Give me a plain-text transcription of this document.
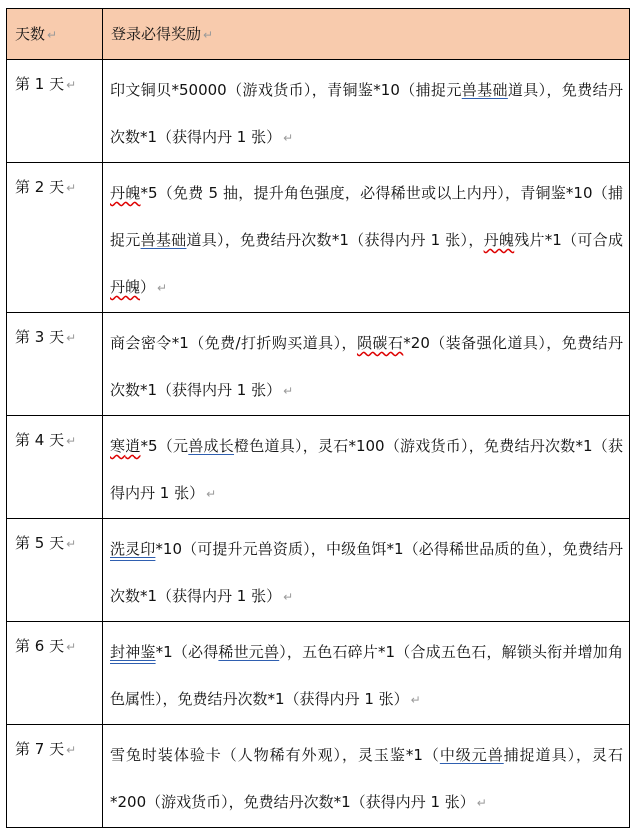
天数 ↵	登录必得奖励 ↵

第 1 天 ↵	印文铜贝*50000（游戏货币），青铜鉴*10（捕捉元兽基础道具），免费结丹次数*1（获得内丹 1 张） ↵

第 2 天 ↵	丹魄*5（免费 5 抽，提升角色强度，必得稀世或以上内丹），青铜鉴*10（捕捉元兽基础道具），免费结丹次数*1（获得内丹 1 张），丹魄残片*1（可合成丹魄） ↵

第 3 天 ↵	商会密令*1（免费/打折购买道具），陨碳石*20（装备强化道具），免费结丹次数*1（获得内丹 1 张） ↵

第 4 天 ↵	寒逍*5（元兽成长橙色道具），灵石*100（游戏货币），免费结丹次数*1（获得内丹 1 张） ↵

第 5 天 ↵	洗灵印*10（可提升元兽资质），中级鱼饵*1（必得稀世品质的鱼），免费结丹次数*1（获得内丹 1 张） ↵

第 6 天 ↵	封神鉴*1（必得稀世元兽），五色石碎片*1（合成五色石，解锁头衔并增加角色属性），免费结丹次数*1（获得内丹 1 张） ↵

第 7 天 ↵	雪兔时装体验卡（人物稀有外观），灵玉鉴*1（中级元兽捕捉道具），灵石*200（游戏货币），免费结丹次数*1（获得内丹 1 张） ↵
